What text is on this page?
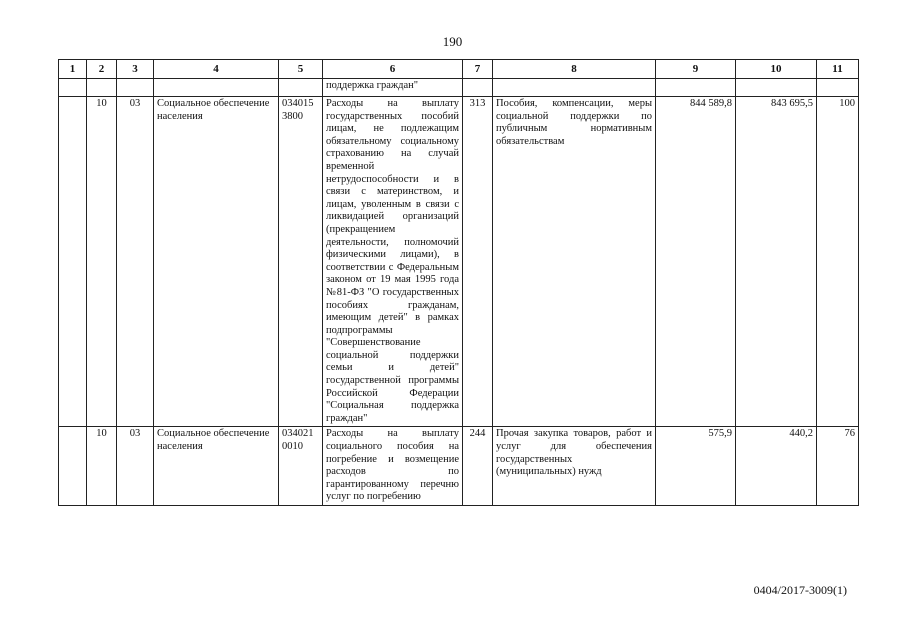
190
1	2	3	4	5	6	7	8	9	10	11
					поддержка граждан"					
	10	03	Социальное обеспечение населения	034015 3800	Расходы на выплату государственных пособий лицам, не подлежащим обязательному социальному страхованию на случай временной нетрудоспособности и в связи с материнством, и лицам, уволенным в связи с ликвидацией организаций (прекращением деятельности, полномочий физическими лицами), в соответствии с Федеральным законом от 19 мая 1995 года №81-ФЗ "О государственных пособиях гражданам, имеющим детей" в рамках подпрограммы "Совершенствование социальной поддержки семьи и детей" государственной программы Российской Федерации "Социальная поддержка граждан"	313	Пособия, компенсации, меры социальной поддержки по публичным нормативным обязательствам	844 589,8	843 695,5	100
	10	03	Социальное обеспечение населения	034021 0010	Расходы на выплату социального пособия на погребение и возмещение расходов по гарантированному перечню услуг по погребению	244	Прочая закупка товаров, работ и услуг для обеспечения государственных (муниципальных) нужд	575,9	440,2	76
0404/2017-3009(1)
